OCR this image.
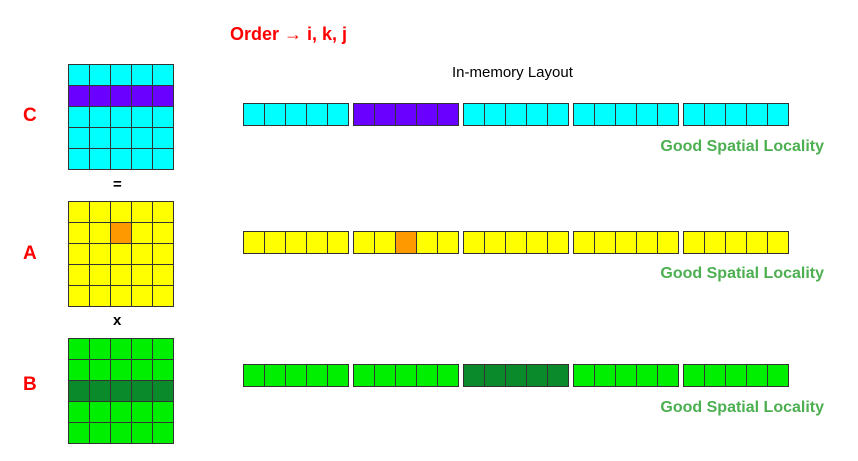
Order → i, k, j
In-memory Layout
C
Good Spatial Locality
=
A
Good Spatial Locality
x
B
Good Spatial Locality
